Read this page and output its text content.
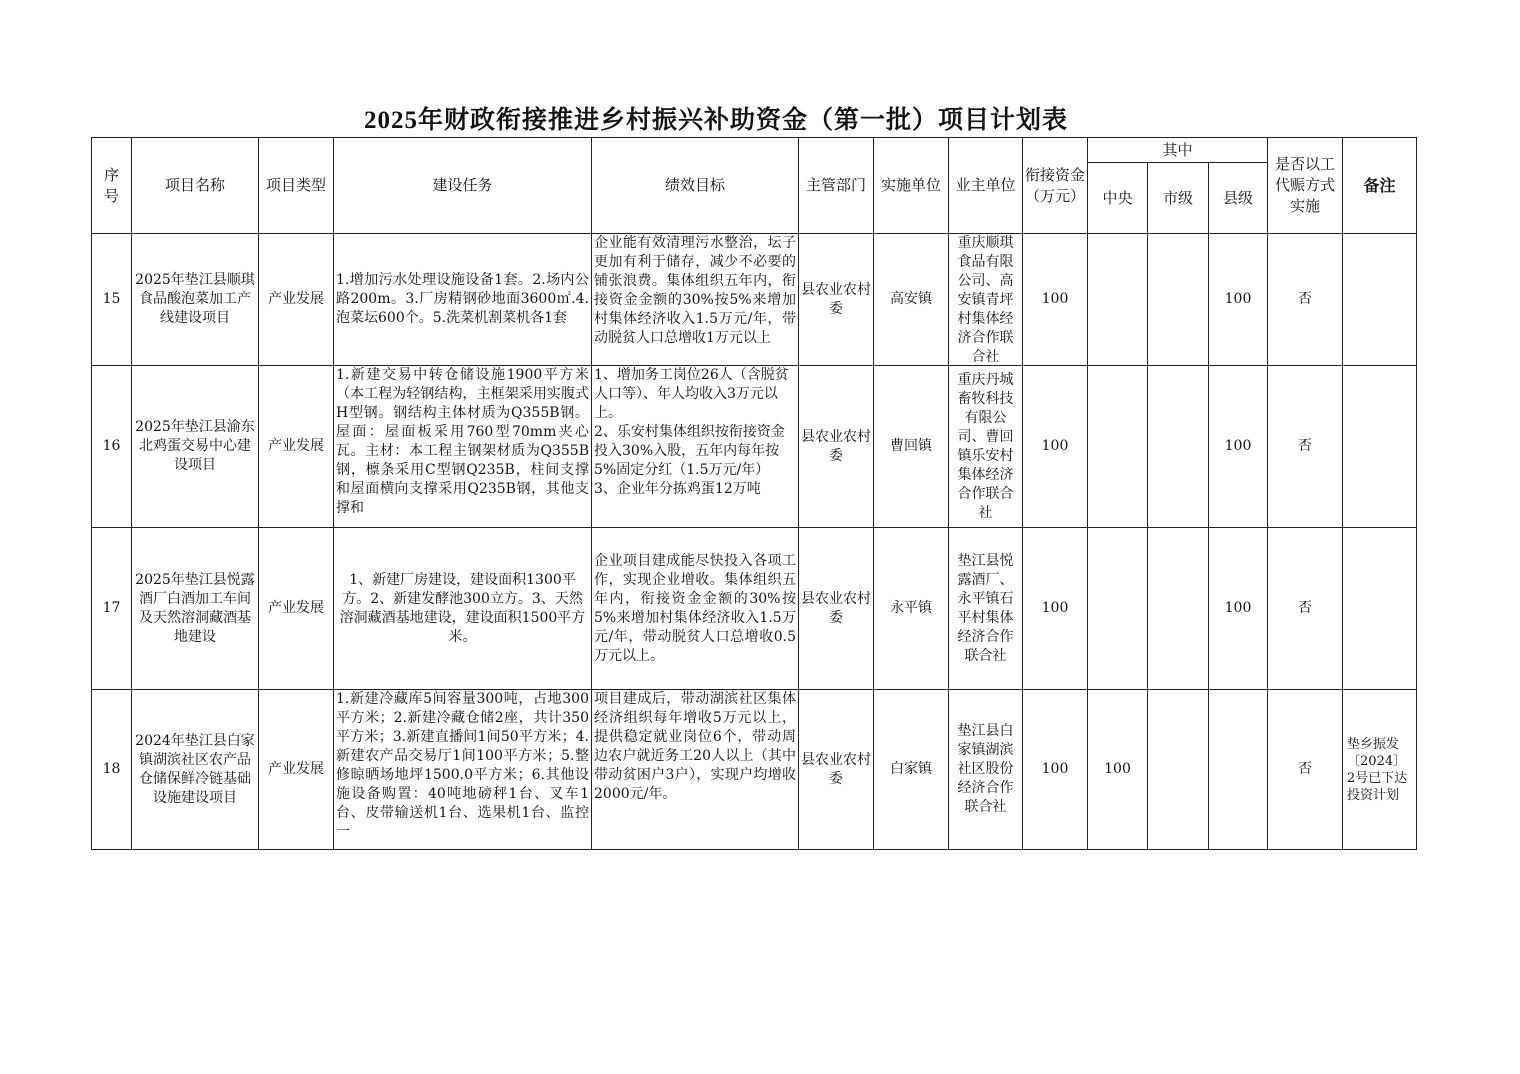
2025年财政衔接推进乡村振兴补助资金（第一批）项目计划表
序号	项目名称	项目类型	建设任务	绩效目标	主管部门	实施单位	业主单位	衔接资金（万元）	其中			是否以工代赈方式实施	备注
									中央	市级	县级		
15	2025年垫江县顺琪食品酸泡菜加工产线建设项目	产业发展	1.增加污水处理设施设备1套。2.场内公路200m。3.厂房精钢砂地面3600㎡.4.泡菜坛600个。5.洗菜机割菜机各1套	企业能有效清理污水整治，坛子更加有利于储存，减少不必要的铺张浪费。集体组织五年内，衔接资金金额的30%按5%来增加村集体经济收入1.5万元/年，带动脱贫人口总增收1万元以上	县农业农村委	高安镇	重庆顺琪食品有限公司、高安镇青坪村集体经济合作联合社	100			100	否	

16	2025年垫江县渝东北鸡蛋交易中心建设项目	产业发展	1.新建交易中转仓储设施1900平方米（本工程为轻钢结构，主框架采用实腹式H型钢。钢结构主体材质为Q355B钢。屋面：屋面板采用760型70mm夹心瓦。主材：本工程主钢架材质为Q355B钢，檩条采用C型钢Q235B，柱间支撑和屋面横向支撑采用Q235B钢，其他支撑和	1、增加务工岗位26人（含脱贫人口等）、年人均收入3万元以上。
2、乐安村集体组织按衔接资金投入30%入股，五年内每年按5%固定分红（1.5万元/年）
3、企业年分拣鸡蛋12万吨	县农业农村委	曹回镇	重庆丹城畜牧科技有限公司、曹回镇乐安村集体经济合作联合社	100			100	否	

17	2025年垫江县悦露酒厂白酒加工车间及天然溶洞藏酒基地建设	产业发展	1、新建厂房建设，建设面积1300平方。2、新建发酵池300立方。3、天然溶洞藏酒基地建设，建设面积1500平方米。	企业项目建成能尽快投入各项工作，实现企业增收。集体组织五年内，衔接资金金额的30%按5%来增加村集体经济收入1.5万元/年，带动脱贫人口总增收0.5万元以上。	县农业农村委	永平镇	垫江县悦露酒厂、永平镇石平村集体经济合作联合社	100			100	否	

18	2024年垫江县白家镇湖滨社区农产品仓储保鲜冷链基础设施建设项目	产业发展	1.新建冷藏库5间容量300吨，占地300平方米；2.新建冷藏仓储2座，共计350平方米；3.新建直播间1间50平方米；4.新建农产品交易厅1间100平方米；5.整修晾晒场地坪1500.0平方米；6.其他设施设备购置：40吨地磅秤1台、叉车1台、皮带输送机1台、选果机1台、监控一	项目建成后，带动湖滨社区集体经济组织每年增收5万元以上，提供稳定就业岗位6个，带动周边农户就近务工20人以上（其中带动贫困户3户），实现户均增收2000元/年。	县农业农村委	白家镇	垫江县白家镇湖滨社区股份经济合作联合社	100	100			否	垫乡振发〔2024〕2号已下达投资计划
